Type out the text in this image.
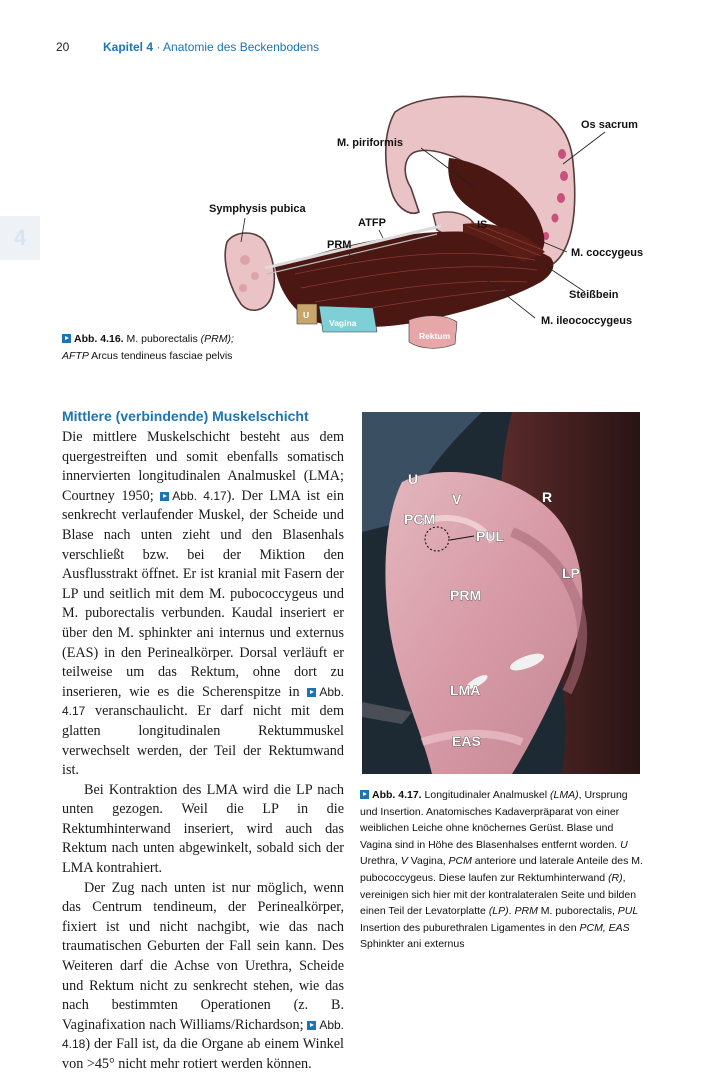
20	Kapitel 4 · Anatomie des Beckenbodens
4
Os sacrum
M. piriformis
Symphysis pubica
ATFP	IS
PRM
M. coccygeus
Steißbein
M. ileococcygeus
U
Vagina
Rektum
Abb. 4.16. M. puborectalis (PRM);
AFTP Arcus tendineus fasciae pelvis
Mittlere (verbindende) Muskelschicht

Die mittlere Muskelschicht besteht aus dem quergestreiften und somit ebenfalls somatisch innervierten longitudinalen Analmuskel (LMA; Courtney 1950; Abb. 4.17). Der LMA ist ein senkrecht verlaufender Muskel, der Scheide und Blase nach unten zieht und den Blasenhals verschließt bzw. bei der Miktion den Ausflusstrakt öffnet. Er ist kranial mit Fasern der LP und seitlich mit dem M. pubococcygeus und M. puborectalis verbunden. Kaudal inseriert er über den M. sphinkter ani internus und externus (EAS) in den Perinealkörper. Dorsal verläuft er teilweise um das Rektum, ohne dort zu inserieren, wie es die Scherenspitze in Abb. 4.17 veranschaulicht. Er darf nicht mit dem glatten longitudinalen Rektummuskel verwechselt werden, der Teil der Rektumwand ist.

Bei Kontraktion des LMA wird die LP nach unten gezogen. Weil die LP in die Rektumhinterwand inseriert, wird auch das Rektum nach unten abgewinkelt, sobald sich der LMA kontrahiert.

Der Zug nach unten ist nur möglich, wenn das Centrum tendineum, der Perinealkörper, fixiert ist und nicht nachgibt, wie das nach traumatischen Geburten der Fall sein kann. Des Weiteren darf die Achse von Urethra, Scheide und Rektum nicht zu senkrecht stehen, wie das nach bestimmten Operationen (z. B. Vaginafixation nach Williams/Richardson; Abb. 4.18) der Fall ist, da die Organe ab einem Winkel von >45° nicht mehr rotiert werden können.

U
V	R
PCM
PUL
LP
PRM
LMA
EAS
Abb. 4.17. Longitudinaler Analmuskel (LMA), Ursprung und Insertion. Anatomisches Kadaverpräparat von einer weiblichen Leiche ohne knöchernes Gerüst. Blase und Vagina sind in Höhe des Blasenhalses entfernt worden. U Urethra, V Vagina, PCM anteriore und laterale Anteile des M. pubococcygeus. Diese laufen zur Rektumhinterwand (R), vereinigen sich hier mit der kontralateralen Seite und bilden einen Teil der Levatorplatte (LP). PRM M. puborectalis, PUL Insertion des puburethralen Ligamentes in den PCM, EAS Sphinkter ani externus
